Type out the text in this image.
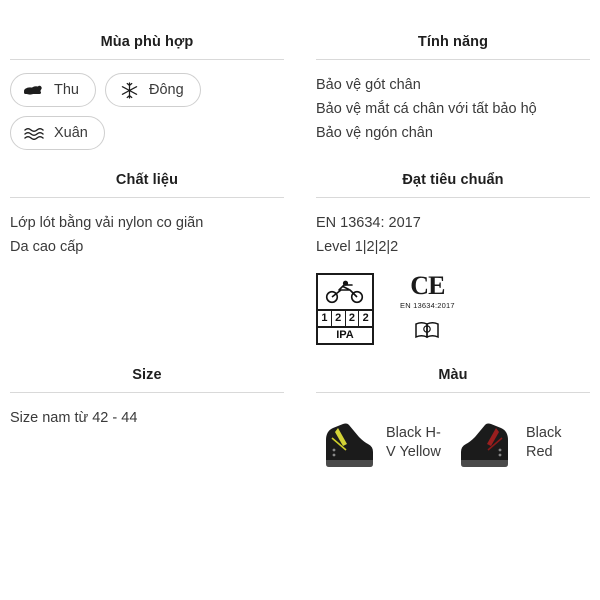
Mùa phù hợp
Thu	Đông
Xuân
Tính năng
Bảo vệ gót chân
Bảo vệ mắt cá chân với tất bảo hộ
Bảo vệ ngón chân
Chất liệu
Lớp lót bằng vải nylon co giãn
Da cao cấp
Đạt tiêu chuẩn
EN 13634: 2017
Level 1|2|2|2
1 2 2 2
IPA
CE
EN 13634:2017
Size
Size nam từ 42 - 44
Màu
Black H-V Yellow
Black Red
